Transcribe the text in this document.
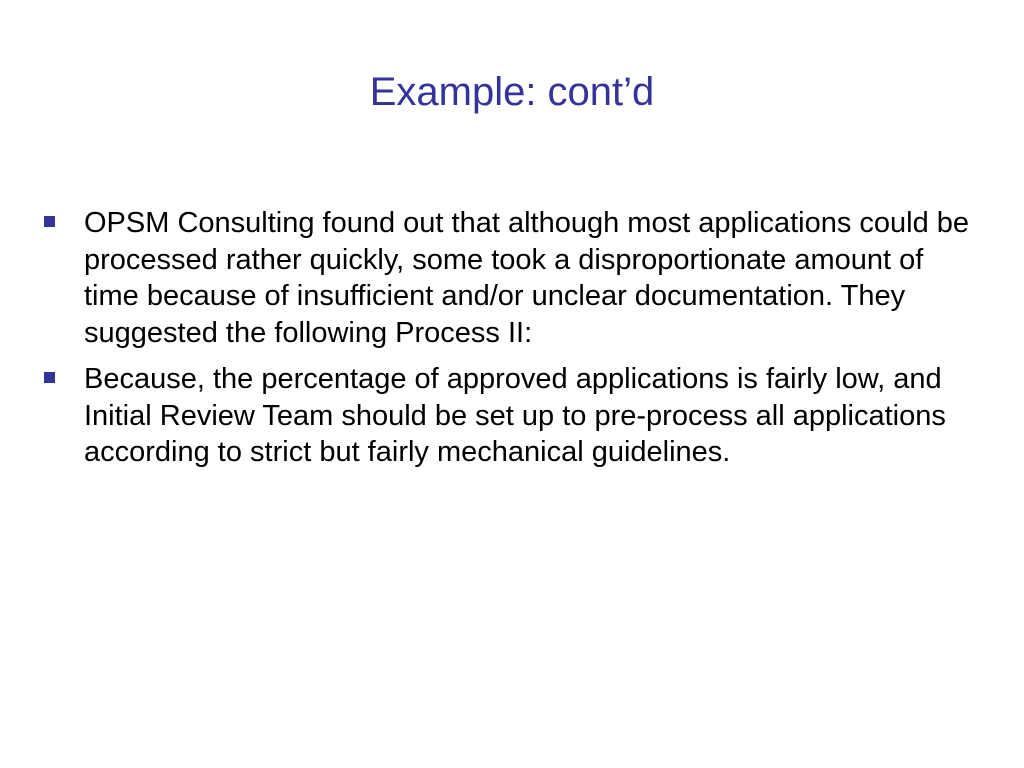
Example: cont’d
OPSM Consulting found out that although most applications could be processed rather quickly, some took a disproportionate amount of time because of insufficient and/or unclear documentation. They suggested the following Process II:
Because, the percentage of approved applications is fairly low, and Initial Review Team should be set up to pre-process all applications according to strict but fairly mechanical guidelines.
